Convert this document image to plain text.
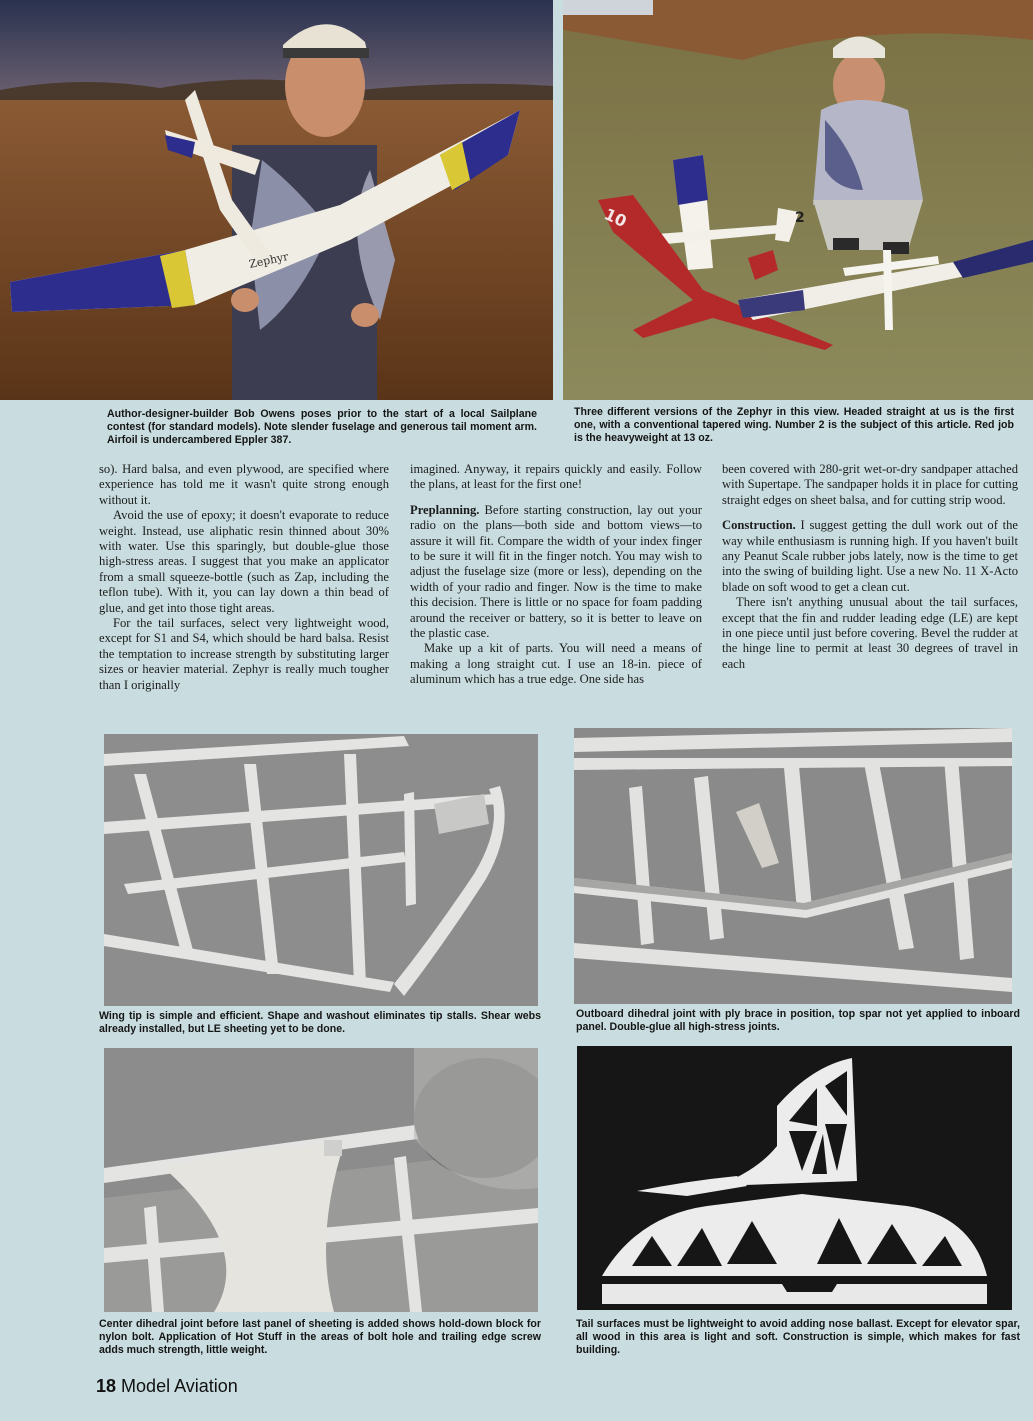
Zephyr
2
10
Author-designer-builder Bob Owens poses prior to the start of a local Sailplane contest (for standard models). Note slender fuselage and generous tail moment arm. Airfoil is undercambered Eppler 387.
Three different versions of the Zephyr in this view. Headed straight at us is the first one, with a conventional tapered wing. Number 2 is the subject of this article. Red job is the heavyweight at 13 oz.

so). Hard balsa, and even plywood, are specified where experience has told me it wasn't quite strong enough without it.

Avoid the use of epoxy; it doesn't evaporate to reduce weight. Instead, use aliphatic resin thinned about 30% with water. Use this sparingly, but double-glue those high-stress areas. I suggest that you make an applicator from a small squeeze-bottle (such as Zap, including the teflon tube). With it, you can lay down a thin bead of glue, and get into those tight areas.

For the tail surfaces, select very lightweight wood, except for S1 and S4, which should be hard balsa. Resist the temptation to increase strength by substituting larger sizes or heavier material. Zephyr is really much tougher than I originally

imagined. Anyway, it repairs quickly and easily. Follow the plans, at least for the first one!

Preplanning. Before starting construction, lay out your radio on the plans—both side and bottom views—to assure it will fit. Compare the width of your index finger to be sure it will fit in the finger notch. You may wish to adjust the fuselage size (more or less), depending on the width of your radio and finger. Now is the time to make this decision. There is little or no space for foam padding around the receiver or battery, so it is better to leave on the plastic case.

Make up a kit of parts. You will need a means of making a long straight cut. I use an 18-in. piece of aluminum which has a true edge. One side has

been covered with 280-grit wet-or-dry sandpaper attached with Supertape. The sandpaper holds it in place for cutting straight edges on sheet balsa, and for cutting strip wood.

Construction. I suggest getting the dull work out of the way while enthusiasm is running high. If you haven't built any Peanut Scale rubber jobs lately, now is the time to get into the swing of building light. Use a new No. 11 X-Acto blade on soft wood to get a clean cut.

There isn't anything unusual about the tail surfaces, except that the fin and rudder leading edge (LE) are kept in one piece until just before covering. Bevel the rudder at the hinge line to permit at least 30 degrees of travel in each

Wing tip is simple and efficient. Shape and washout eliminates tip stalls. Shear webs already installed, but LE sheeting yet to be done.
Outboard dihedral joint with ply brace in position, top spar not yet applied to inboard panel. Double-glue all high-stress joints.
Center dihedral joint before last panel of sheeting is added shows hold-down block for nylon bolt. Application of Hot Stuff in the areas of bolt hole and trailing edge screw adds much strength, little weight.
Tail surfaces must be lightweight to avoid adding nose ballast. Except for elevator spar, all wood in this area is light and soft. Construction is simple, which makes for fast building.
18 Model Aviation
